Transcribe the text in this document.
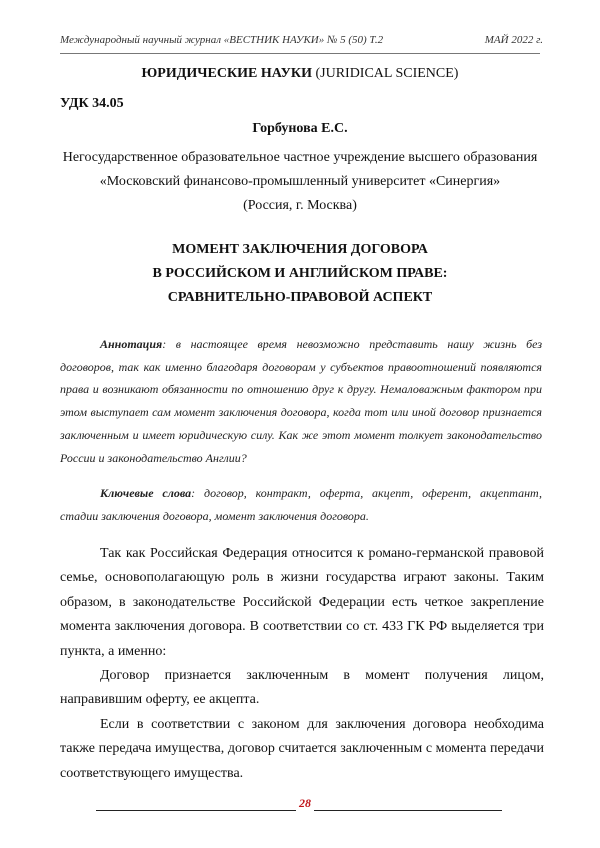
Международный научный журнал «ВЕСТНИК НАУКИ» № 5 (50) Т.2	МАЙ 2022 г.
ЮРИДИЧЕСКИЕ НАУКИ (JURIDICAL SCIENCE)
УДК 34.05
Горбунова Е.С.
Негосударственное образовательное частное учреждение высшего образования
«Московский финансово-промышленный университет «Синергия»
(Россия, г. Москва)
МОМЕНТ ЗАКЛЮЧЕНИЯ ДОГОВОРА
В РОССИЙСКОМ И АНГЛИЙСКОМ ПРАВЕ:
СРАВНИТЕЛЬНО-ПРАВОВОЙ АСПЕКТ
Аннотация: в настоящее время невозможно представить нашу жизнь без договоров, так как именно благодаря договорам у субъектов правоотношений появляются права и возникают обязанности по отношению друг к другу. Немаловажным фактором при этом выступает сам момент заключения договора, когда тот или иной договор признается заключенным и имеет юридическую силу. Как же этот момент толкует законодательство России и законодательство Англии?
Ключевые слова: договор, контракт, оферта, акцепт, оферент, акцептант, стадии заключения договора, момент заключения договора.

Так как Российская Федерация относится к романо-германской правовой семье, основополагающую роль в жизни государства играют законы. Таким образом, в законодательстве Российской Федерации есть четкое закрепление момента заключения договора. В соответствии со ст. 433 ГК РФ выделяется три пункта, а именно:

Договор признается заключенным в момент получения лицом, направившим оферту, ее акцепта.

Если в соответствии с законом для заключения договора необходима также передача имущества, договор считается заключенным с момента передачи соответствующего имущества.

28
